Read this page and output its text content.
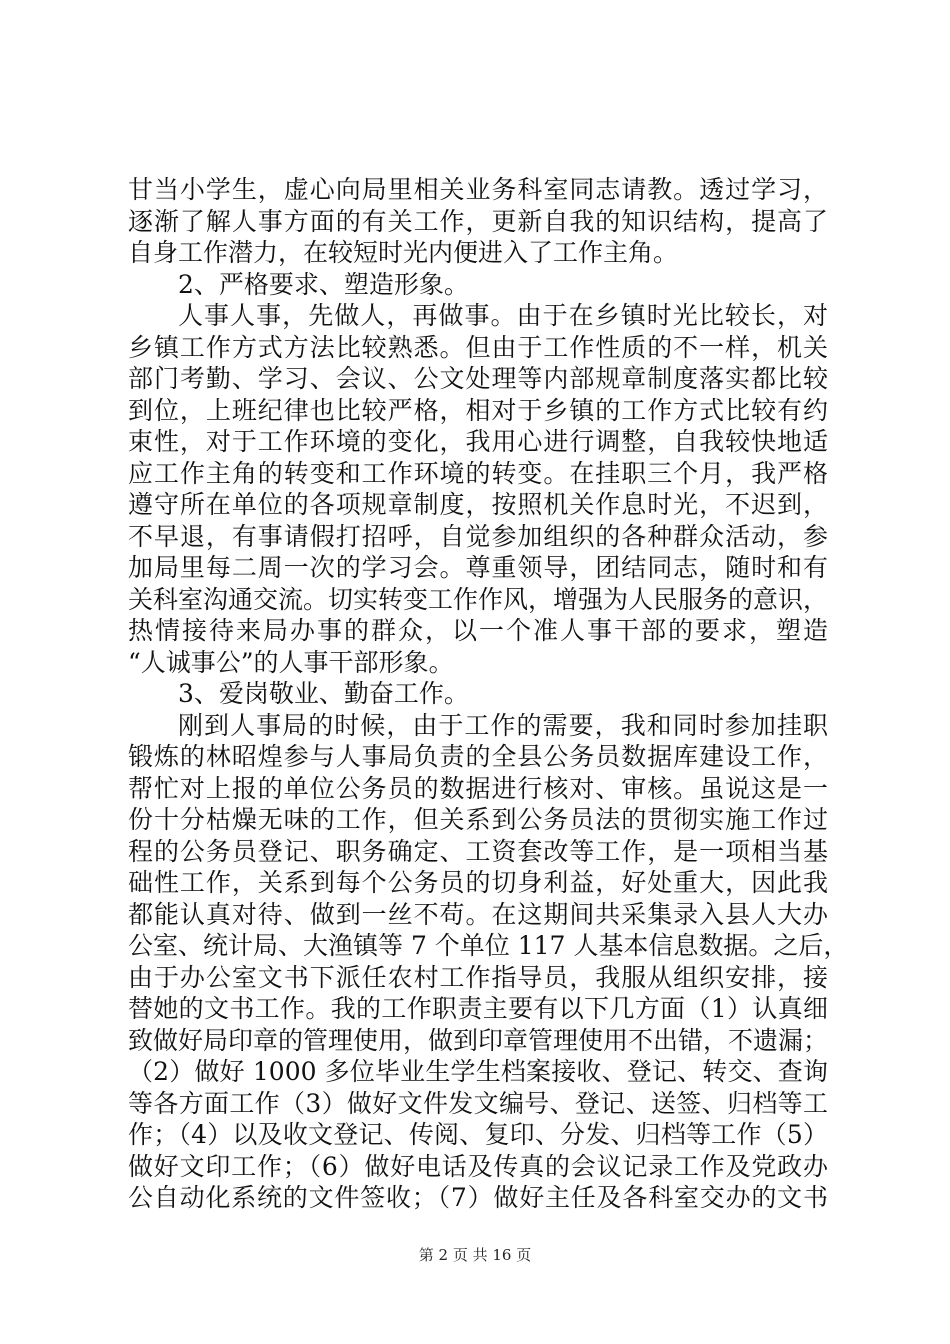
甘当小学生，虚心向局里相关业务科室同志请教。透过学习，
逐渐了解人事方面的有关工作，更新自我的知识结构，提高了
自身工作潜力，在较短时光内便进入了工作主角。
2、严格要求、塑造形象。
人事人事，先做人，再做事。由于在乡镇时光比较长，对
乡镇工作方式方法比较熟悉。但由于工作性质的不一样，机关
部门考勤、学习、会议、公文处理等内部规章制度落实都比较
到位，上班纪律也比较严格，相对于乡镇的工作方式比较有约
束性，对于工作环境的变化，我用心进行调整，自我较快地适
应工作主角的转变和工作环境的转变。在挂职三个月，我严格
遵守所在单位的各项规章制度，按照机关作息时光，不迟到，
不早退，有事请假打招呼，自觉参加组织的各种群众活动，参
加局里每二周一次的学习会。尊重领导，团结同志，随时和有
关科室沟通交流。切实转变工作作风，增强为人民服务的意识，
热情接待来局办事的群众，以一个准人事干部的要求，塑造
“人诚事公”的人事干部形象。
3、爱岗敬业、勤奋工作。
刚到人事局的时候，由于工作的需要，我和同时参加挂职
锻炼的林昭煌参与人事局负责的全县公务员数据库建设工作，
帮忙对上报的单位公务员的数据进行核对、审核。虽说这是一
份十分枯燥无味的工作，但关系到公务员法的贯彻实施工作过
程的公务员登记、职务确定、工资套改等工作，是一项相当基
础性工作，关系到每个公务员的切身利益，好处重大，因此我
都能认真对待、做到一丝不苟。在这期间共采集录入县人大办
公室、统计局、大渔镇等 7 个单位 117 人基本信息数据。之后，
由于办公室文书下派任农村工作指导员，我服从组织安排，接
替她的文书工作。我的工作职责主要有以下几方面（1）认真细
致做好局印章的管理使用，做到印章管理使用不出错，不遗漏；
（2）做好 1000 多位毕业生学生档案接收、登记、转交、查询
等各方面工作（3）做好文件发文编号、登记、送签、归档等工
作；（4）以及收文登记、传阅、复印、分发、归档等工作（5）
做好文印工作；（6）做好电话及传真的会议记录工作及党政办
公自动化系统的文件签收；（7）做好主任及各科室交办的文书
第 2 页 共 16 页
